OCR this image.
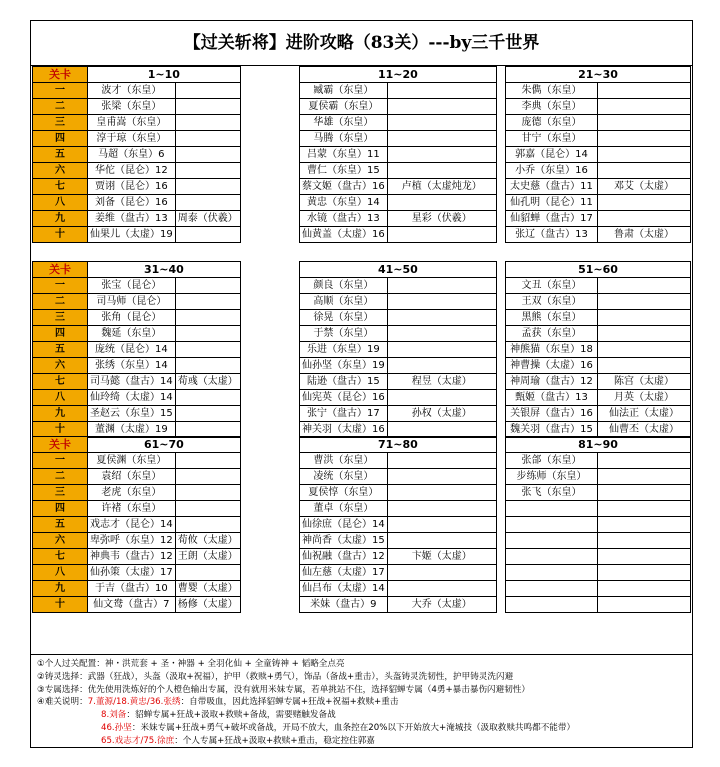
【过关斩将】进阶攻略（83关）---by三千世界
关卡	1~10	
一	波才（东皇）	
二	张梁（东皇）	
三	皇甫嵩（东皇）	
四	淳于琼（东皇）	
五	马超（东皇）6	
六	华佗（昆仑）12	
七	贾诩（昆仑）16	
八	刘备（昆仑）16	
九	姜维（盘古）13	周泰（伏羲）
十	仙果儿（太虚）19	
11~20	
臧霸（东皇）	
夏侯霸（东皇）	
华雄（东皇）	
马腾（东皇）	
吕蒙（东皇）11	
曹仁（东皇）15	
蔡文姬（盘古）16	卢植（太虚炖龙）
黄忠（东皇）14	
水镜（盘古）13	星彩（伏羲）
仙黄盖（太虚）16	
21~30	
朱儁（东皇）	
李典（东皇）	
庞德（东皇）	
甘宁（东皇）	
郭嘉（昆仑）14	
小乔（东皇）16	
太史慈（盘古）11	邓艾（太虚）
仙孔明（昆仑）11	
仙貂蝉（盘古）17	
张辽（盘古）13	鲁肃（太虚）
关卡	31~40	
一	张宝（昆仑）	
二	司马师（昆仑）	
三	张角（昆仑）	
四	魏延（东皇）	
五	庞统（昆仑）14	
六	张绣（东皇）14	
七	司马懿（盘古）14	荀彧（太虚）
八	仙玲绮（太虚）14	
九	圣赵云（东皇）15	
十	董渊（太虚）19	
41~50	
颜良（东皇）	
高顺（东皇）	
徐晃（东皇）	
于禁（东皇）	
乐进（东皇）19	
仙孙坚（东皇）19	
陆逊（盘古）15	程昱（太虚）
仙宪英（昆仑）16	
张宁（盘古）17	孙权（太虚）
神关羽（太虚）16	
51~60	
文丑（东皇）	
王双（东皇）	
黑熊（东皇）	
孟获（东皇）	
神熊猫（东皇）18	
神曹操（太虚）16	
神周瑜（盘古）12	陈宫（太虚）
甄姬（盘古）13	月英（太虚）
关银屏（盘古）16	仙法正（太虚）
魏关羽（盘古）15	仙曹丕（太虚）
关卡	61~70	
一	夏侯渊（东皇）	
二	袁绍（东皇）	
三	老虎（东皇）	
四	许褚（东皇）	
五	戏志才（昆仑）14	
六	卑弥呼（东皇）12	荀攸（太虚）
七	神典韦（盘古）12	王朗（太虚）
八	仙孙策（太虚）17	
九	于吉（盘古）10	曹婴（太虚）
十	仙文鸯（盘古）7	杨修（太虚）
71~80	
曹洪（东皇）	
凌统（东皇）	
夏侯惇（东皇）	
董卓（东皇）	
仙徐庶（昆仑）14	
神尚香（太虚）15	
仙祝融（盘古）12	卞姬（太虚）
仙左慈（太虚）17	
仙吕布（太虚）14	
米妹（盘古）9	大乔（太虚）
81~90	
张郃（东皇）	
步练师（东皇）	
张飞（东皇）	

①个人过关配置：神・洪荒套 + 圣・神器 + 全羽化仙 + 全童铸神 + 韬略全点亮
②铸灵选择：武器（狂战），头盔（汲取+祝福），护甲（救赎+勇气），饰品（备战+重击），头盔铸灵洗韧性，护甲铸灵洗闪避
③专属选择：优先使用洗炼好的个人橙色输出专属，没有就用米妹专属，若单挑站不住，选择貂蝉专属（4勇+暴击暴伤闪避韧性）
④难关说明：7.董源/18.黄忠/36.张绣：自带吸血，因此选择貂蝉专属+狂战+祝福+救赎+重击
8.刘备：貂蝉专属+狂战+汲取+救赎+备战，需要赌触发备战
46.孙坚：米妹专属+狂战+勇气+破坏或备战，开局不放大，血条控在20%以下开始放大+淹城技（汲取救赎共鸣都不能带）
65.戏志才/75.徐庶：个人专属+狂战+汲取+救赎+重击，稳定控住郭嘉
